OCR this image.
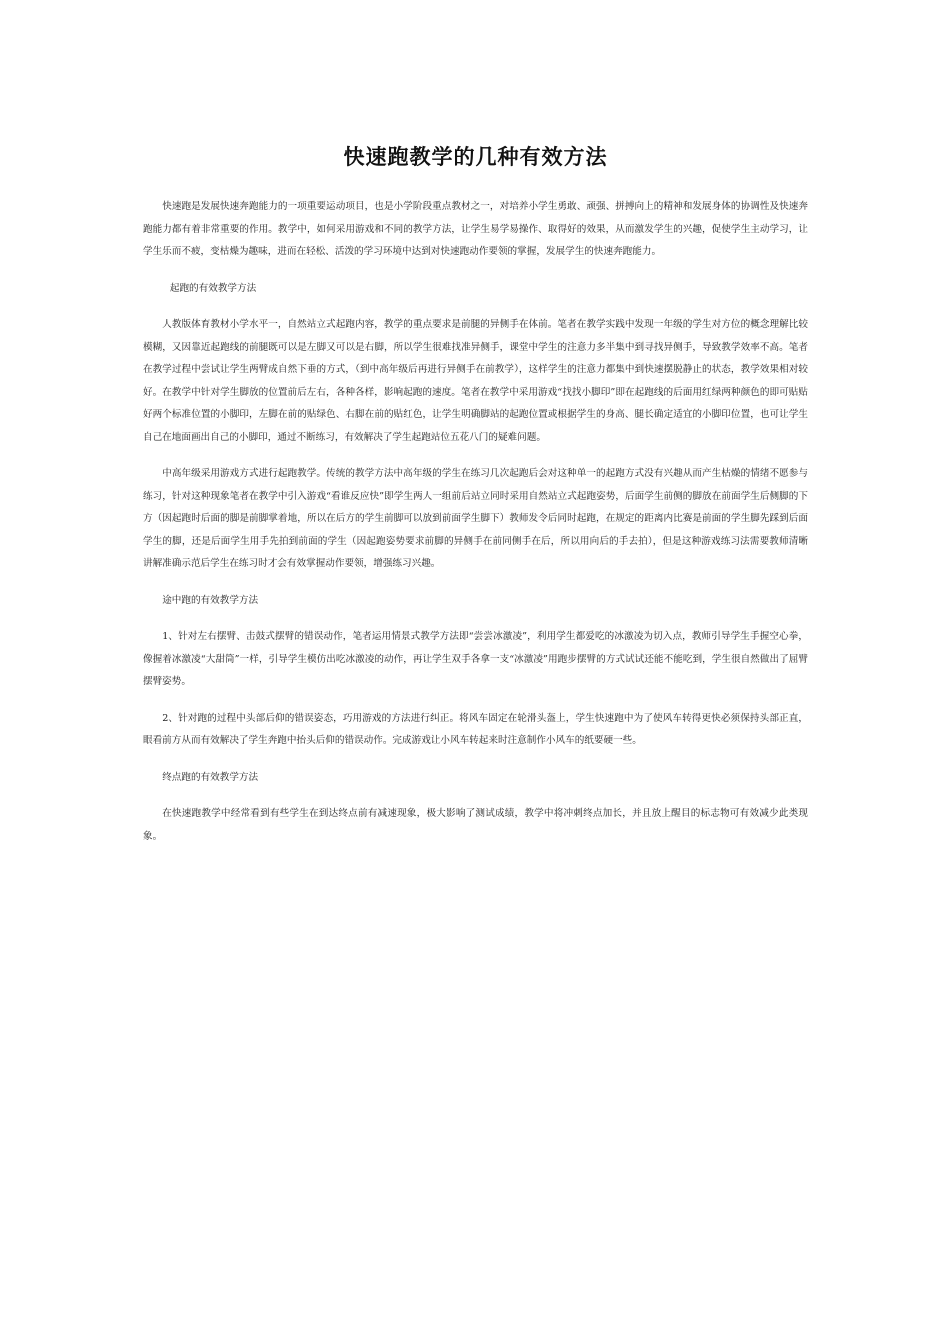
快速跑教学的几种有效方法

快速跑是发展快速奔跑能力的一项重要运动项目，也是小学阶段重点教材之一，对培养小学生勇敢、顽强、拼搏向上的精神和发展身体的协调性及快速奔跑能力都有着非常重要的作用。教学中，如何采用游戏和不同的教学方法，让学生易学易操作、取得好的效果，从而激发学生的兴趣，促使学生主动学习，让学生乐而不疲，变枯燥为趣味，进而在轻松、活泼的学习环境中达到对快速跑动作要领的掌握，发展学生的快速奔跑能力。

起跑的有效教学方法

人教版体育教材小学水平一，自然站立式起跑内容，教学的重点要求是前腿的异侧手在体前。笔者在教学实践中发现一年级的学生对方位的概念理解比较模糊，又因靠近起跑线的前腿既可以是左脚又可以是右脚，所以学生很难找准异侧手，课堂中学生的注意力多半集中到寻找异侧手，导致教学效率不高。笔者在教学过程中尝试让学生两臂成自然下垂的方式，（到中高年级后再进行异侧手在前教学），这样学生的注意力都集中到快速摆脱静止的状态，教学效果相对较好。在教学中针对学生脚放的位置前后左右，各种各样，影响起跑的速度。笔者在教学中采用游戏“找找小脚印”即在起跑线的后面用红绿两种颜色的即可贴贴好两个标准位置的小脚印，左脚在前的贴绿色、右脚在前的贴红色，让学生明确脚站的起跑位置或根据学生的身高、腿长确定适宜的小脚印位置，也可让学生自己在地面画出自己的小脚印，通过不断练习，有效解决了学生起跑站位五花八门的疑难问题。

中高年级采用游戏方式进行起跑教学。传统的教学方法中高年级的学生在练习几次起跑后会对这种单一的起跑方式没有兴趣从而产生枯燥的情绪不愿参与练习，针对这种现象笔者在教学中引入游戏“看谁反应快”即学生两人一组前后站立同时采用自然站立式起跑姿势，后面学生前侧的脚放在前面学生后侧脚的下方（因起跑时后面的脚是前脚掌着地，所以在后方的学生前脚可以放到前面学生脚下）教师发令后同时起跑，在规定的距离内比赛是前面的学生脚先踩到后面学生的脚，还是后面学生用手先拍到前面的学生（因起跑姿势要求前脚的异侧手在前同侧手在后，所以用向后的手去拍），但是这种游戏练习法需要教师清晰讲解准确示范后学生在练习时才会有效掌握动作要领，增强练习兴趣。

途中跑的有效教学方法

1、针对左右摆臂、击鼓式摆臂的错误动作，笔者运用情景式教学方法即“尝尝冰激凌”，利用学生都爱吃的冰激凌为切入点，教师引导学生手握空心拳，像握着冰激凌“大甜筒”一样，引导学生模仿出吃冰激凌的动作，再让学生双手各拿一支“冰激凌”用跑步摆臂的方式试试还能不能吃到，学生很自然做出了屈臂摆臂姿势。

2、针对跑的过程中头部后仰的错误姿态，巧用游戏的方法进行纠正。将风车固定在轮滑头盔上，学生快速跑中为了使风车转得更快必须保持头部正直，眼看前方从而有效解决了学生奔跑中抬头后仰的错误动作。完成游戏让小风车转起来时注意制作小风车的纸要硬一些。

终点跑的有效教学方法

在快速跑教学中经常看到有些学生在到达终点前有减速现象，极大影响了测试成绩，教学中将冲刺终点加长，并且放上醒目的标志物可有效减少此类现象。
